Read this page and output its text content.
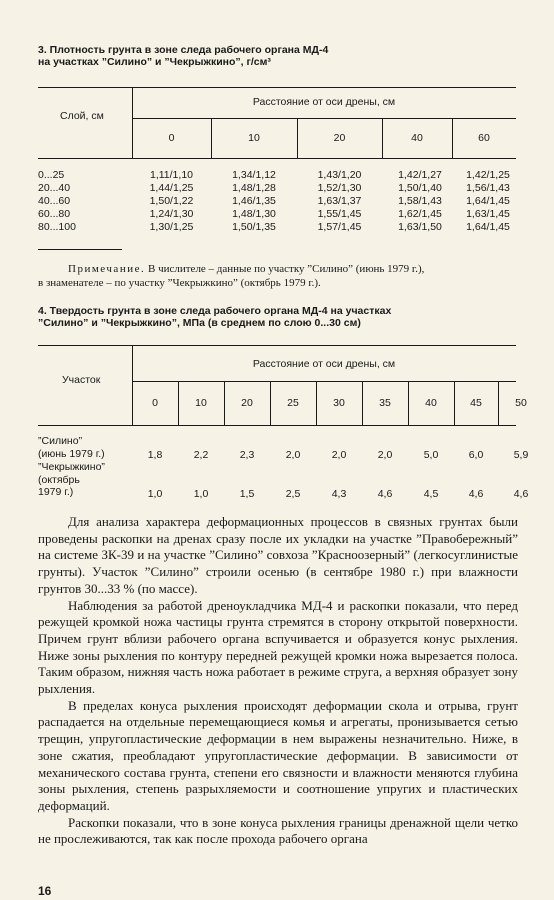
3. Плотность грунта в зоне следа рабочего органа МД-4
на участках ”Силино” и ”Чекрыжкино”, г/см³
Слой, см
Расстояние от оси дрены, см
0	10	20	40	60
0...25	1,11/1,10	1,34/1,12	1,43/1,20	1,42/1,27	1,42/1,25
20...40	1,44/1,25	1,48/1,28	1,52/1,30	1,50/1,40	1,56/1,43
40...60	1,50/1,22	1,46/1,35	1,63/1,37	1,58/1,43	1,64/1,45
60...80	1,24/1,30	1,48/1,30	1,55/1,45	1,62/1,45	1,63/1,45
80...100	1,30/1,25	1,50/1,35	1,57/1,45	1,63/1,50	1,64/1,45
Примечание. В числителе – данные по участку ”Силино” (июнь 1979 г.),
в знаменателе – по участку ”Чекрыжкино” (октябрь 1979 г.).
4. Твердость грунта в зоне следа рабочего органа МД-4 на участках
”Силино” и ”Чекрыжкино”, МПа (в среднем по слою 0...30 см)
Участок
Расстояние от оси дрены, см
0	10	20	25	30	35	40	45	50
”Силино”
(июнь 1979 г.)	1,8	2,2	2,3	2,0	2,0	2,0	5,0	6,0	5,9
”Чекрыжкино”
(октябрь
1979 г.)	1,0	1,0	1,5	2,5	4,3	4,6	4,5	4,6	4,6

Для анализа характера деформационных процессов в связных грунтах были проведены раскопки на дренах сразу после их укладки на участке ”Правобережный” на системе ЗК-39 и на участке ”Силино” совхоза ”Красноозерный” (легкосуглинистые грунты). Участок ”Силино” строили осенью (в сентябре 1980 г.) при влажности грунтов 30...33 % (по массе).

Наблюдения за работой дреноукладчика МД-4 и раскопки показали, что перед режущей кромкой ножа частицы грунта стремятся в сторону открытой поверхности. Причем грунт вблизи рабочего органа вспучивается и образуется конус рыхления. Ниже зоны рыхления по контуру передней режущей кромки ножа вырезается полоса. Таким образом, нижняя часть ножа работает в режиме струга, а верхняя образует зону рыхления.

В пределах конуса рыхления происходят деформации скола и отрыва, грунт распадается на отдельные перемещающиеся комья и агрегаты, пронизывается сетью трещин, упругопластические деформации в нем выражены незначительно. Ниже, в зоне сжатия, преобладают упругопластические деформации. В зависимости от механического состава грунта, степени его связности и влажности меняются глубина зоны рыхления, степень разрыхляемости и соотношение упругих и пластических деформаций.

Раскопки показали, что в зоне конуса рыхления границы дренажной щели четко не прослеживаются, так как после прохода рабочего органа

16
